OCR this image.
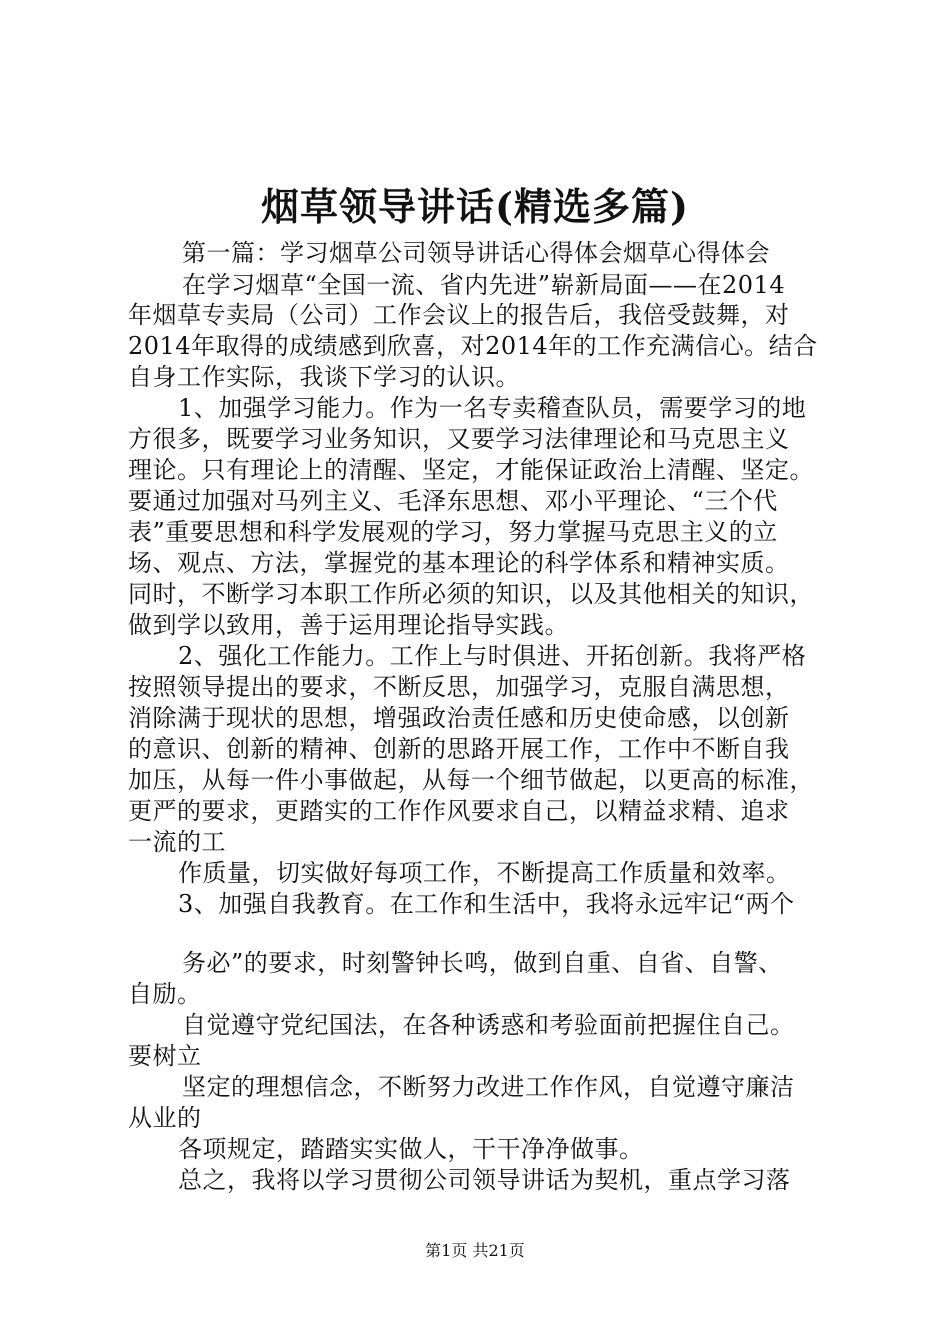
烟草领导讲话(精选多篇)
第一篇：学习烟草公司领导讲话心得体会烟草心得体会
在学习烟草“全国一流、省内先进”崭新局面——在2014
年烟草专卖局（公司）工作会议上的报告后，我倍受鼓舞，对
2014年取得的成绩感到欣喜，对2014年的工作充满信心。结合
自身工作实际，我谈下学习的认识。
1、加强学习能力。作为一名专卖稽查队员，需要学习的地
方很多，既要学习业务知识，又要学习法律理论和马克思主义
理论。只有理论上的清醒、坚定，才能保证政治上清醒、坚定。
要通过加强对马列主义、毛泽东思想、邓小平理论、“三个代
表”重要思想和科学发展观的学习，努力掌握马克思主义的立
场、观点、方法，掌握党的基本理论的科学体系和精神实质。
同时，不断学习本职工作所必须的知识，以及其他相关的知识，
做到学以致用，善于运用理论指导实践。
2、强化工作能力。工作上与时俱进、开拓创新。我将严格
按照领导提出的要求，不断反思，加强学习，克服自满思想，
消除满于现状的思想，增强政治责任感和历史使命感，以创新
的意识、创新的精神、创新的思路开展工作，工作中不断自我
加压，从每一件小事做起，从每一个细节做起，以更高的标准，
更严的要求，更踏实的工作作风要求自己，以精益求精、追求
一流的工
作质量，切实做好每项工作，不断提高工作质量和效率。
3、加强自我教育。在工作和生活中，我将永远牢记“两个
务必”的要求，时刻警钟长鸣，做到自重、自省、自警、
自励。
自觉遵守党纪国法，在各种诱惑和考验面前把握住自己。
要树立
坚定的理想信念，不断努力改进工作作风，自觉遵守廉洁
从业的
各项规定，踏踏实实做人，干干净净做事。
总之，我将以学习贯彻公司领导讲话为契机，重点学习落
第1页 共21页
